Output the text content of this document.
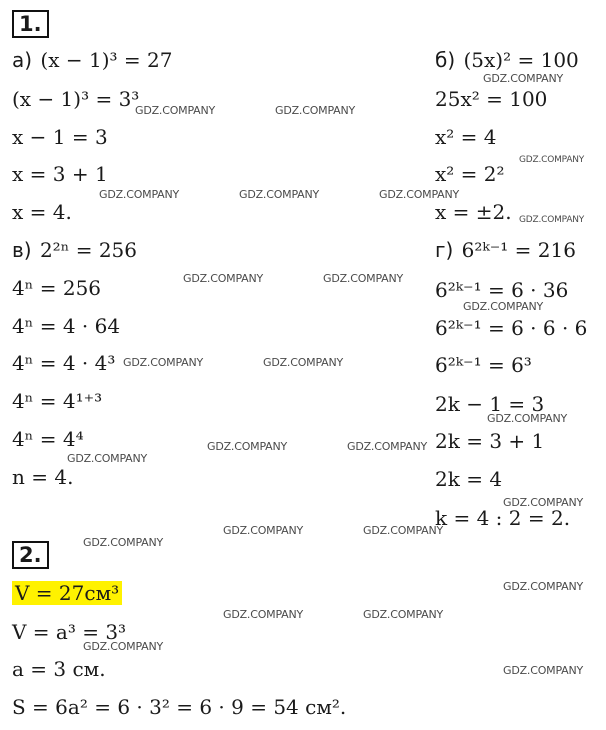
1.
а) (x − 1)³ = 27
(x − 1)³ = 3³
x − 1 = 3
x = 3 + 1
x = 4.
б) (5x)² = 100
25x² = 100
x² = 4
x² = 2²
x = ±2.
в) 2²ⁿ = 256
4ⁿ = 256
4ⁿ = 4 · 64
4ⁿ = 4 · 4³
4ⁿ = 4¹⁺³
4ⁿ = 4⁴
n = 4.
г) 6²ᵏ⁻¹ = 216
6²ᵏ⁻¹ = 6 · 36
6²ᵏ⁻¹ = 6 · 6 · 6
6²ᵏ⁻¹ = 6³
2k − 1 = 3
2k = 3 + 1
2k = 4
k = 4 : 2 = 2.
2.
V = 27см³
V = a³ = 3³
a = 3 см.
S = 6a² = 6 · 3² = 6 · 9 = 54 см².
GDZ.COMPANY
GDZ.COMPANY	GDZ.COMPANY
GDZ.COMPANY
GDZ.COMPANY	GDZ.COMPANY	GDZ.COMPANY
GDZ.COMPANY
GDZ.COMPANY	GDZ.COMPANY
GDZ.COMPANY
GDZ.COMPANY	GDZ.COMPANY
GDZ.COMPANY
GDZ.COMPANY	GDZ.COMPANY
GDZ.COMPANY
GDZ.COMPANY
GDZ.COMPANY	GDZ.COMPANY
GDZ.COMPANY
GDZ.COMPANY
GDZ.COMPANY	GDZ.COMPANY
GDZ.COMPANY
GDZ.COMPANY
